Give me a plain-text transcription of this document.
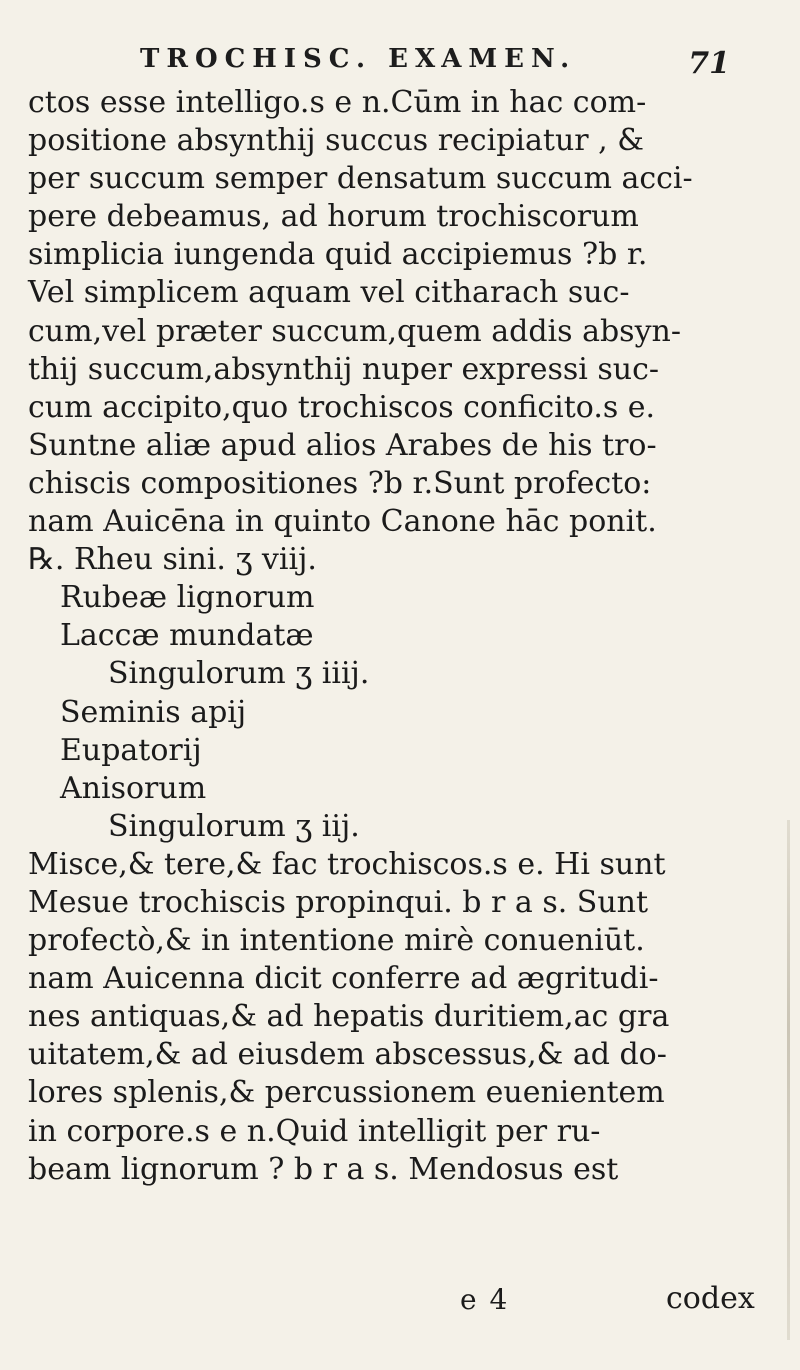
TROCHISC. EXAMEN.	71
ctos esse intelligo.s e n.Cūm in hac com-
positione absynthij succus recipiatur , &
per succum semper densatum succum acci-
pere debeamus, ad horum trochiscorum
simplicia iungenda quid accipiemus ?b r.
Vel simplicem aquam vel citharach suc-
cum,vel præter succum,quem addis absyn-
thij succum,absynthij nuper expressi suc-
cum accipito,quo trochiscos conficito.s e.
Suntne aliæ apud alios Arabes de his tro-
chiscis compositiones ?b r.Sunt profecto:
nam Auicēna in quinto Canone hāc ponit.
℞. Rheu sini. ʒ viij.
Rubeæ lignorum
Laccæ mundatæ
Singulorum ʒ iiij.
Seminis apij
Eupatorij
Anisorum
Singulorum ʒ iij.
Misce,& tere,& fac trochiscos.s e. Hi sunt
Mesue trochiscis propinqui. b r a s. Sunt
profectò,& in intentione mirè conueniūt.
nam Auicenna dicit conferre ad ægritudi-
nes antiquas,& ad hepatis duritiem,ac gra
uitatem,& ad eiusdem abscessus,& ad do-
lores splenis,& percussionem euenientem
in corpore.s e n.Quid intelligit per ru-
beam lignorum ? b r a s. Mendosus est
e 4	codex
